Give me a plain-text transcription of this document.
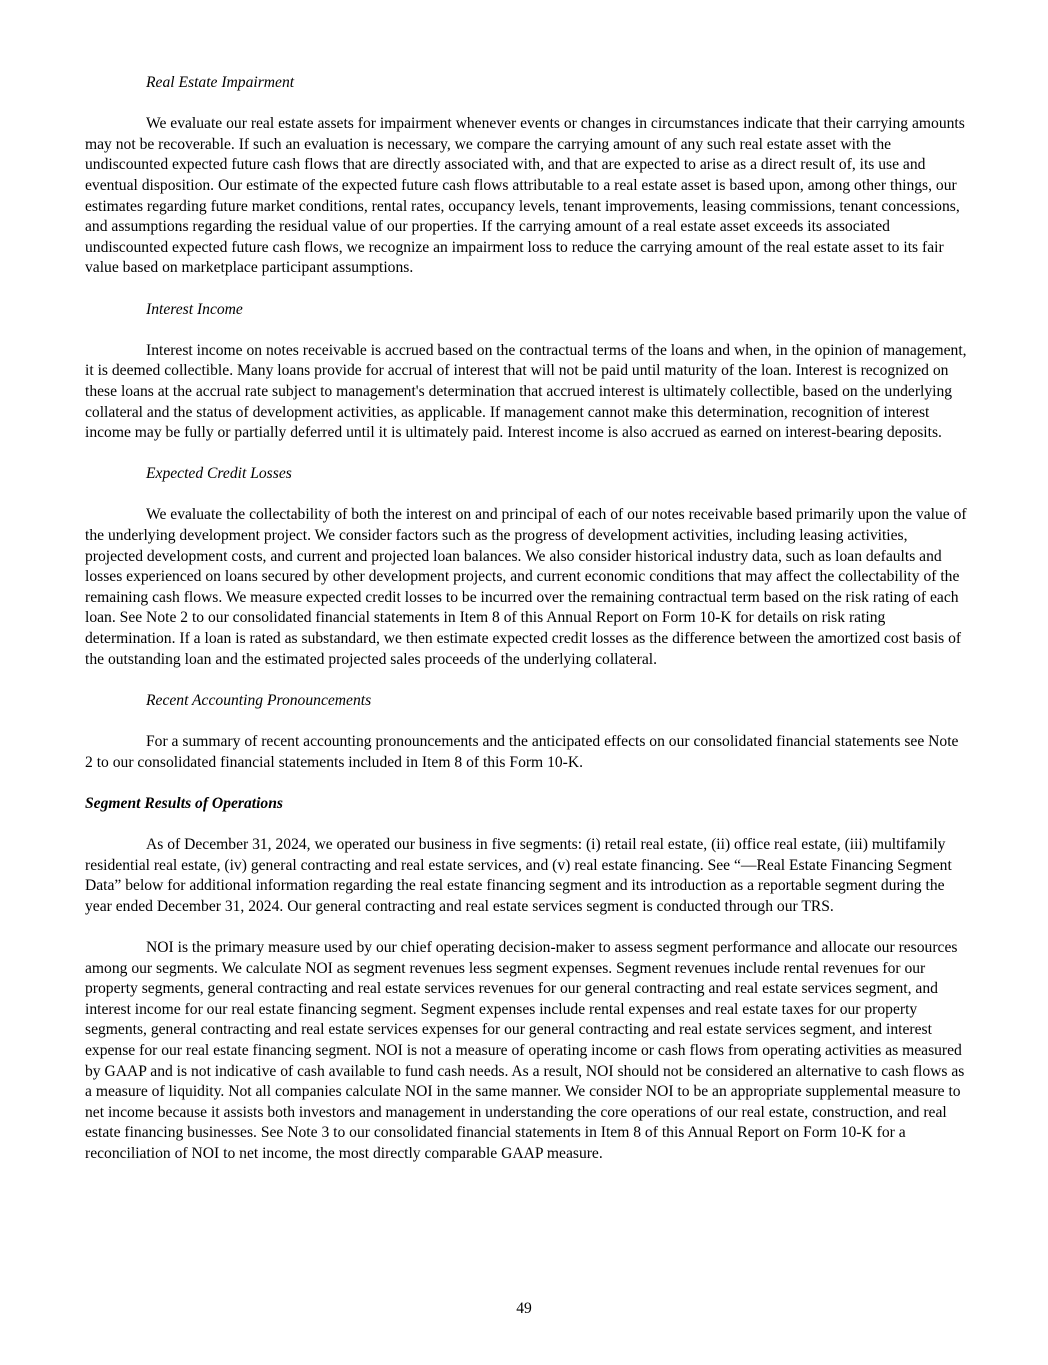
Real Estate Impairment

We evaluate our real estate assets for impairment whenever events or changes in circumstances indicate that their carrying amounts may not be recoverable. If such an evaluation is necessary, we compare the carrying amount of any such real estate asset with the undiscounted expected future cash flows that are directly associated with, and that are expected to arise as a direct result of, its use and eventual disposition. Our estimate of the expected future cash flows attributable to a real estate asset is based upon, among other things, our estimates regarding future market conditions, rental rates, occupancy levels, tenant improvements, leasing commissions, tenant concessions, and assumptions regarding the residual value of our properties. If the carrying amount of a real estate asset exceeds its associated undiscounted expected future cash flows, we recognize an impairment loss to reduce the carrying amount of the real estate asset to its fair value based on marketplace participant assumptions.

Interest Income

Interest income on notes receivable is accrued based on the contractual terms of the loans and when, in the opinion of management, it is deemed collectible. Many loans provide for accrual of interest that will not be paid until maturity of the loan. Interest is recognized on these loans at the accrual rate subject to management's determination that accrued interest is ultimately collectible, based on the underlying collateral and the status of development activities, as applicable. If management cannot make this determination, recognition of interest income may be fully or partially deferred until it is ultimately paid. Interest income is also accrued as earned on interest-bearing deposits.

Expected Credit Losses

We evaluate the collectability of both the interest on and principal of each of our notes receivable based primarily upon the value of the underlying development project. We consider factors such as the progress of development activities, including leasing activities, projected development costs, and current and projected loan balances. We also consider historical industry data, such as loan defaults and losses experienced on loans secured by other development projects, and current economic conditions that may affect the collectability of the remaining cash flows. We measure expected credit losses to be incurred over the remaining contractual term based on the risk rating of each loan. See Note 2 to our consolidated financial statements in Item 8 of this Annual Report on Form 10-K for details on risk rating determination. If a loan is rated as substandard, we then estimate expected credit losses as the difference between the amortized cost basis of the outstanding loan and the estimated projected sales proceeds of the underlying collateral.

Recent Accounting Pronouncements

For a summary of recent accounting pronouncements and the anticipated effects on our consolidated financial statements see Note 2 to our consolidated financial statements included in Item 8 of this Form 10-K.

Segment Results of Operations

As of December 31, 2024, we operated our business in five segments: (i) retail real estate, (ii) office real estate, (iii) multifamily residential real estate, (iv) general contracting and real estate services, and (v) real estate financing. See “—Real Estate Financing Segment Data” below for additional information regarding the real estate financing segment and its introduction as a reportable segment during the year ended December 31, 2024. Our general contracting and real estate services segment is conducted through our TRS.

NOI is the primary measure used by our chief operating decision-maker to assess segment performance and allocate our resources among our segments. We calculate NOI as segment revenues less segment expenses. Segment revenues include rental revenues for our property segments, general contracting and real estate services revenues for our general contracting and real estate services segment, and interest income for our real estate financing segment. Segment expenses include rental expenses and real estate taxes for our property segments, general contracting and real estate services expenses for our general contracting and real estate services segment, and interest expense for our real estate financing segment. NOI is not a measure of operating income or cash flows from operating activities as measured by GAAP and is not indicative of cash available to fund cash needs. As a result, NOI should not be considered an alternative to cash flows as a measure of liquidity. Not all companies calculate NOI in the same manner. We consider NOI to be an appropriate supplemental measure to net income because it assists both investors and management in understanding the core operations of our real estate, construction, and real estate financing businesses. See Note 3 to our consolidated financial statements in Item 8 of this Annual Report on Form 10-K for a reconciliation of NOI to net income, the most directly comparable GAAP measure.

49
